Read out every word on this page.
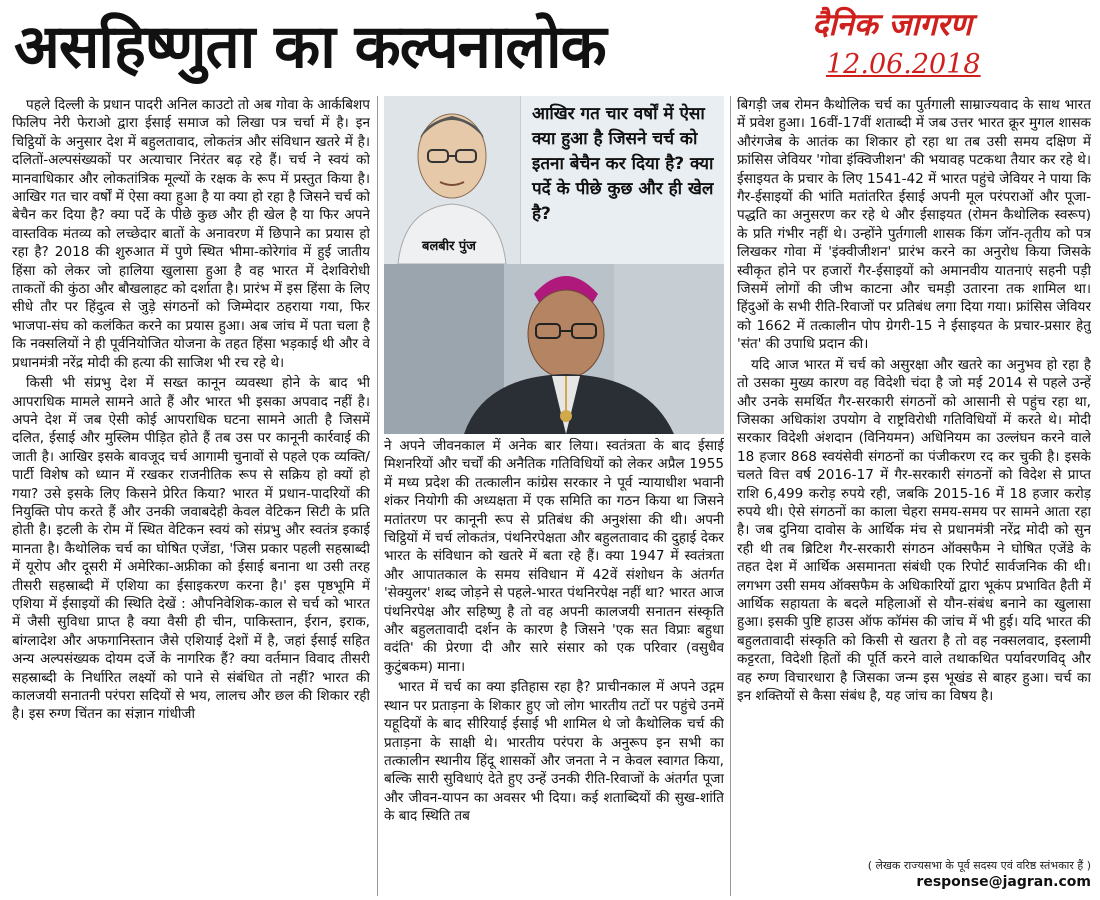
असहिष्णुता का कल्पनालोक	दैनिक जागरण
12.06.2018

पहले दिल्ली के प्रधान पादरी अनिल काउटो तो अब गोवा के आर्कबिशप फिलिप नेरी फेराओ द्वारा ईसाई समाज को लिखा पत्र चर्चा में है। इन चिट्ठियों के अनुसार देश में बहुलतावाद, लोकतंत्र और संविधान खतरे में है। दलितों-अल्पसंख्यकों पर अत्याचार निरंतर बढ़ रहे हैं। चर्च ने स्वयं को मानवाधिकार और लोकतांत्रिक मूल्यों के रक्षक के रूप में प्रस्तुत किया है। आखिर गत चार वर्षों में ऐसा क्या हुआ है या क्या हो रहा है जिसने चर्च को बेचैन कर दिया है? क्या पर्दे के पीछे कुछ और ही खेल है या फिर अपने वास्तविक मंतव्य को लच्छेदार बातों के अनावरण में छिपाने का प्रयास हो रहा है? 2018 की शुरुआत में पुणे स्थित भीमा-कोरेगांव में हुई जातीय हिंसा को लेकर जो हालिया खुलासा हुआ है वह भारत में देशविरोधी ताकतों की कुंठा और बौखलाहट को दर्शाता है। प्रारंभ में इस हिंसा के लिए सीधे तौर पर हिंदुत्व से जुड़े संगठनों को जिम्मेदार ठहराया गया, फिर भाजपा-संघ को कलंकित करने का प्रयास हुआ। अब जांच में पता चला है कि नक्सलियों ने ही पूर्वनियोजित योजना के तहत हिंसा भड़काई थी और वे प्रधानमंत्री नरेंद्र मोदी की हत्या की साजिश भी रच रहे थे।

किसी भी संप्रभु देश में सख्त कानून व्यवस्था होने के बाद भी आपराधिक मामले सामने आते हैं और भारत भी इसका अपवाद नहीं है। अपने देश में जब ऐसी कोई आपराधिक घटना सामने आती है जिसमें दलित, ईसाई और मुस्लिम पीड़ित होते हैं तब उस पर कानूनी कार्रवाई की जाती है। आखिर इसके बावजूद चर्च आगामी चुनावों से पहले एक व्यक्ति/पार्टी विशेष को ध्यान में रखकर राजनीतिक रूप से सक्रिय हो क्यों हो गया? उसे इसके लिए किसने प्रेरित किया? भारत में प्रधान-पादरियों की नियुक्ति पोप करते हैं और उनकी जवाबदेही केवल वेटिकन सिटी के प्रति होती है। इटली के रोम में स्थित वेटिकन स्वयं को संप्रभु और स्वतंत्र इकाई मानता है। कैथोलिक चर्च का घोषित एजेंडा, 'जिस प्रकार पहली सहस्राब्दी में यूरोप और दूसरी में अमेरिका-अफ्रीका को ईसाई बनाना था उसी तरह तीसरी सहस्राब्दी में एशिया का ईसाइकरण करना है।' इस पृष्ठभूमि में एशिया में ईसाइयों की स्थिति देखें : औपनिवेशिक-काल से चर्च को भारत में जैसी सुविधा प्राप्त है क्या वैसी ही चीन, पाकिस्तान, ईरान, इराक, बांग्लादेश और अफगानिस्तान जैसे एशियाई देशों में है, जहां ईसाई सहित अन्य अल्पसंख्यक दोयम दर्जे के नागरिक हैं? क्या वर्तमान विवाद तीसरी सहस्राब्दी के निर्धारित लक्ष्यों को पाने से संबंधित तो नहीं? भारत की कालजयी सनातनी परंपरा सदियों से भय, लालच और छल की शिकार रही है। इस रुग्ण चिंतन का संज्ञान गांधीजी

बलबीर पुंज
आखिर गत चार वर्षों में ऐसा क्या हुआ है जिसने चर्च को इतना बेचैन कर दिया है? क्या पर्दे के पीछे कुछ और ही खेल है?

ने अपने जीवनकाल में अनेक बार लिया। स्वतंत्रता के बाद ईसाई मिशनरियों और चर्चों की अनैतिक गतिविधियों को लेकर अप्रैल 1955 में मध्य प्रदेश की तत्कालीन कांग्रेस सरकार ने पूर्व न्यायाधीश भवानी शंकर नियोगी की अध्यक्षता में एक समिति का गठन किया था जिसने मतांतरण पर कानूनी रूप से प्रतिबंध की अनुशंसा की थी। अपनी चिट्ठियों में चर्च लोकतंत्र, पंथनिरपेक्षता और बहुलतावाद की दुहाई देकर भारत के संविधान को खतरे में बता रहे हैं। क्या 1947 में स्वतंत्रता और आपातकाल के समय संविधान में 42वें संशोधन के अंतर्गत 'सेक्युलर' शब्द जोड़ने से पहले-भारत पंथनिरपेक्ष नहीं था? भारत आज पंथनिरपेक्ष और सहिष्णु है तो वह अपनी कालजयी सनातन संस्कृति और बहुलतावादी दर्शन के कारण है जिसने 'एक सत विप्राः बहुधा वदंति' की प्रेरणा दी और सारे संसार को एक परिवार (वसुधैव कुटुंबकम) माना।

भारत में चर्च का क्या इतिहास रहा है? प्राचीनकाल में अपने उद्गम स्थान पर प्रताड़ना के शिकार हुए जो लोग भारतीय तटों पर पहुंचे उनमें यहूदियों के बाद सीरियाई ईसाई भी शामिल थे जो कैथोलिक चर्च की प्रताड़ना के साक्षी थे। भारतीय परंपरा के अनुरूप इन सभी का तत्कालीन स्थानीय हिंदू शासकों और जनता ने न केवल स्वागत किया, बल्कि सारी सुविधाएं देते हुए उन्हें उनकी रीति-रिवाजों के अंतर्गत पूजा और जीवन-यापन का अवसर भी दिया। कई शताब्दियों की सुख-शांति के बाद स्थिति तब

बिगड़ी जब रोमन कैथोलिक चर्च का पुर्तगाली साम्राज्यवाद के साथ भारत में प्रवेश हुआ। 16वीं-17वीं शताब्दी में जब उत्तर भारत क्रूर मुगल शासक औरंगजेब के आतंक का शिकार हो रहा था तब उसी समय दक्षिण में फ्रांसिस जेवियर 'गोवा इंक्विजीशन' की भयावह पटकथा तैयार कर रहे थे। ईसाइयत के प्रचार के लिए 1541-42 में भारत पहुंचे जेवियर ने पाया कि गैर-ईसाइयों की भांति मतांतरित ईसाई अपनी मूल परंपराओं और पूजा-पद्धति का अनुसरण कर रहे थे और ईसाइयत (रोमन कैथोलिक स्वरूप) के प्रति गंभीर नहीं थे। उन्होंने पुर्तगाली शासक किंग जॉन-तृतीय को पत्र लिखकर गोवा में 'इंक्वीजीशन' प्रारंभ करने का अनुरोध किया जिसके स्वीकृत होने पर हजारों गैर-ईसाइयों को अमानवीय यातनाएं सहनी पड़ी जिसमें लोगों की जीभ काटना और चमड़ी उतारना तक शामिल था। हिंदुओं के सभी रीति-रिवाजों पर प्रतिबंध लगा दिया गया। फ्रांसिस जेवियर को 1662 में तत्कालीन पोप ग्रेगरी-15 ने ईसाइयत के प्रचार-प्रसार हेतु 'संत' की उपाधि प्रदान की।

यदि आज भारत में चर्च को असुरक्षा और खतरे का अनुभव हो रहा है तो उसका मुख्य कारण वह विदेशी चंदा है जो मई 2014 से पहले उन्हें और उनके समर्थित गैर-सरकारी संगठनों को आसानी से पहुंच रहा था, जिसका अधिकांश उपयोग वे राष्ट्रविरोधी गतिविधियों में करते थे। मोदी सरकार विदेशी अंशदान (विनियमन) अधिनियम का उल्लंघन करने वाले 18 हजार 868 स्वयंसेवी संगठनों का पंजीकरण रद कर चुकी है। इसके चलते वित्त वर्ष 2016-17 में गैर-सरकारी संगठनों को विदेश से प्राप्त राशि 6,499 करोड़ रुपये रही, जबकि 2015-16 में 18 हजार करोड़ रुपये थी। ऐसे संगठनों का काला चेहरा समय-समय पर सामने आता रहा है। जब दुनिया दावोस के आर्थिक मंच से प्रधानमंत्री नरेंद्र मोदी को सुन रही थी तब ब्रिटिश गैर-सरकारी संगठन ऑक्सफैम ने घोषित एजेंडे के तहत देश में आर्थिक असमानता संबंधी एक रिपोर्ट सार्वजनिक की थी। लगभग उसी समय ऑक्सफैम के अधिकारियों द्वारा भूकंप प्रभावित हैती में आर्थिक सहायता के बदले महिलाओं से यौन-संबंध बनाने का खुलासा हुआ। इसकी पुष्टि हाउस ऑफ कॉमंस की जांच में भी हुई। यदि भारत की बहुलतावादी संस्कृति को किसी से खतरा है तो वह नक्सलवाद, इस्लामी कट्टरता, विदेशी हितों की पूर्ति करने वाले तथाकथित पर्यावरणविद् और वह रुग्ण विचारधारा है जिसका जन्म इस भूखंड से बाहर हुआ। चर्च का इन शक्तियों से कैसा संबंध है, यह जांच का विषय है।

( लेखक राज्यसभा के पूर्व सदस्य एवं वरिष्ठ स्तंभकार हैं )
response@jagran.com
